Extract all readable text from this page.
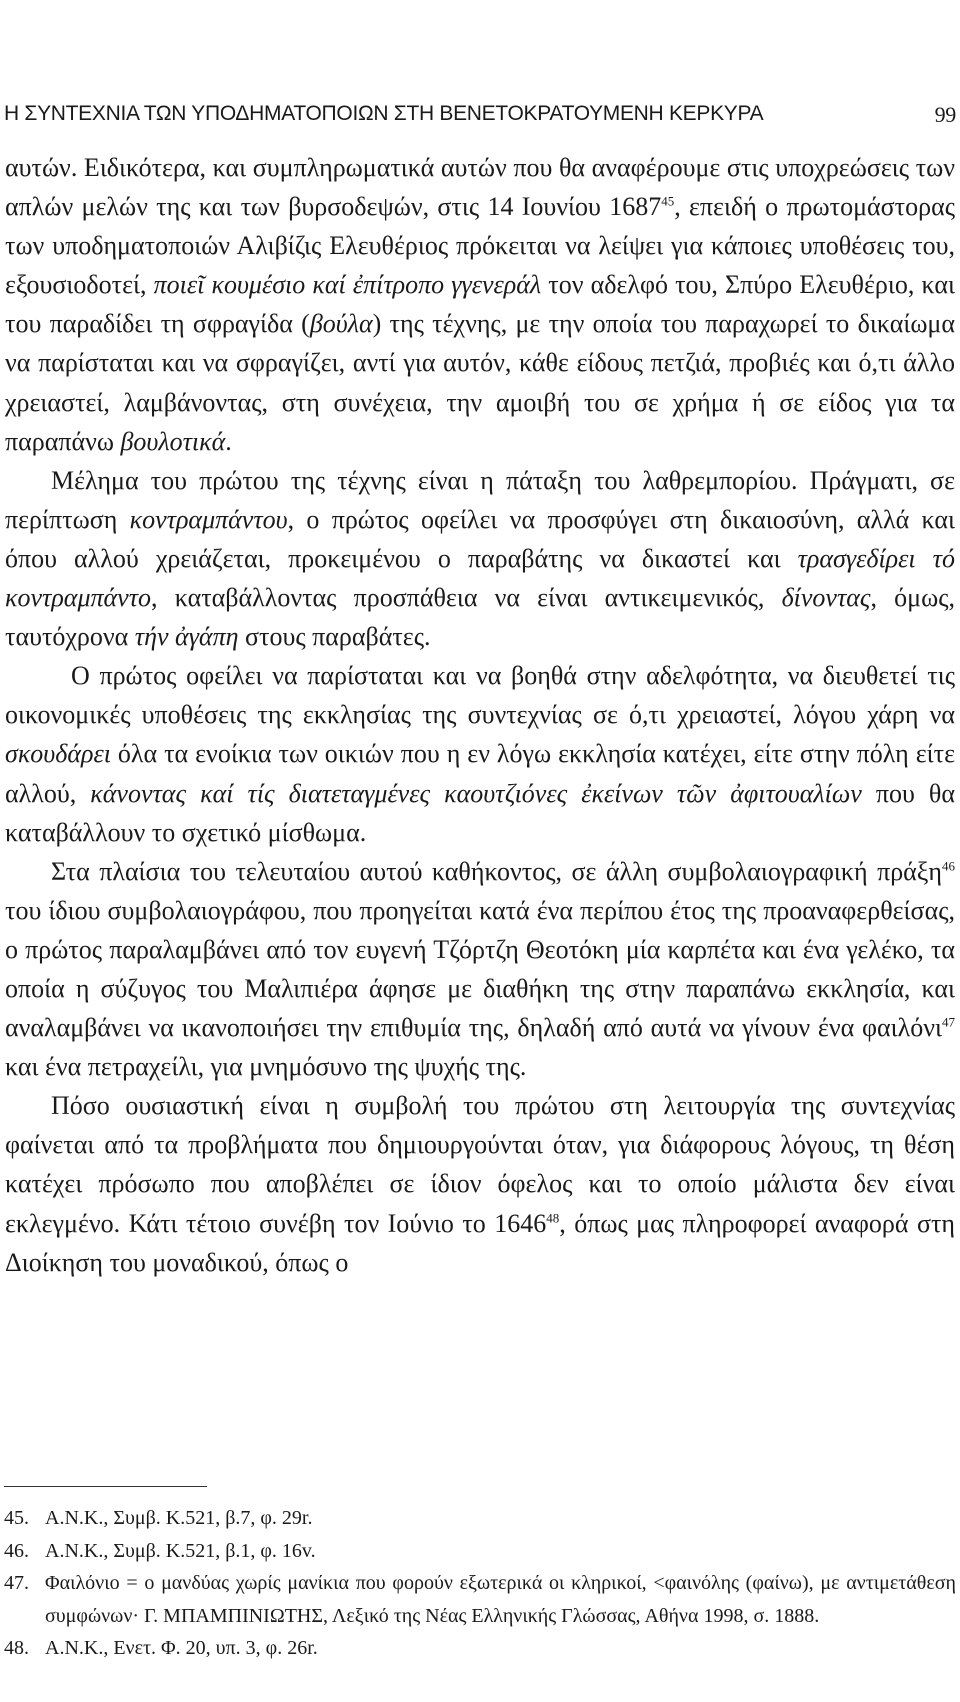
Η ΣΥΝΤΕΧΝΙΑ ΤΩΝ ΥΠΟΔΗΜΑΤΟΠΟΙΩΝ ΣΤΗ ΒΕΝΕΤΟΚΡΑΤΟΥΜΕΝΗ ΚΕΡΚΥΡΑ	99

αυτών. Ειδικότερα, και συμπληρωματικά αυτών που θα αναφέρουμε στις υποχρεώσεις των απλών μελών της και των βυρσοδεψών, στις 14 Ιουνίου 1687$^{45}$, επειδή ο πρωτομάστορας των υποδηματοποιών Αλιβίζις Ελευθέριος πρόκειται να λείψει για κάποιες υποθέσεις του, εξουσιοδοτεί, ποιεῖ κουμέσιο καί ἐπίτροπο γγενεράλ τον αδελφό του, Σπύρο Ελευθέριο, και του παραδίδει τη σφραγίδα (βούλα) της τέχνης, με την οποία του παραχωρεί το δικαίωμα να παρίσταται και να σφραγίζει, αντί για αυτόν, κάθε είδους πετζιά, προβιές και ό,τι άλλο χρειαστεί, λαμβάνοντας, στη συνέχεια, την αμοιβή του σε χρήμα ή σε είδος για τα παραπάνω βουλοτικά.

Μέλημα του πρώτου της τέχνης είναι η πάταξη του λαθρεμπορίου. Πράγματι, σε περίπτωση κοντραμπάντου, ο πρώτος οφείλει να προσφύγει στη δικαιοσύνη, αλλά και όπου αλλού χρειάζεται, προκειμένου ο παραβάτης να δικαστεί και τρασγεδίρει τό κοντραμπάντο, καταβάλλοντας προσπάθεια να είναι αντικειμενικός, δίνοντας, όμως, ταυτόχρονα τήν ἀγάπη στους παραβάτες.

Ο πρώτος οφείλει να παρίσταται και να βοηθά στην αδελφότητα, να διευθετεί τις οικονομικές υποθέσεις της εκκλησίας της συντεχνίας σε ό,τι χρειαστεί, λόγου χάρη να σκουδάρει όλα τα ενοίκια των οικιών που η εν λόγω εκκλησία κατέχει, είτε στην πόλη είτε αλλού, κάνοντας καί τίς διατεταγμένες καουτζιόνες ἐκείνων τῶν ἀφιτουαλίων που θα καταβάλλουν το σχετικό μίσθωμα.

Στα πλαίσια του τελευταίου αυτού καθήκοντος, σε άλλη συμβολαιογραφική πράξη$^{46}$ του ίδιου συμβολαιογράφου, που προηγείται κατά ένα περίπου έτος της προαναφερθείσας, ο πρώτος παραλαμβάνει από τον ευγενή Τζόρτζη Θεοτόκη μία καρπέτα και ένα γελέκο, τα οποία η σύζυγος του Μαλιπιέρα άφησε με διαθήκη της στην παραπάνω εκκλησία, και αναλαμβάνει να ικανοποιήσει την επιθυμία της, δηλαδή από αυτά να γίνουν ένα φαιλόνι$^{47}$ και ένα πετραχείλι, για μνημόσυνο της ψυχής της.

Πόσο ουσιαστική είναι η συμβολή του πρώτου στη λειτουργία της συντεχνίας φαίνεται από τα προβλήματα που δημιουργούνται όταν, για διάφορους λόγους, τη θέση κατέχει πρόσωπο που αποβλέπει σε ίδιον όφελος και το οποίο μάλιστα δεν είναι εκλεγμένο. Κάτι τέτοιο συνέβη τον Ιούνιο το 1646$^{48}$, όπως μας πληροφορεί αναφορά στη Διοίκηση του μοναδικού, όπως ο

45. Α.Ν.Κ., Συμβ. Κ.521, β.7, φ. 29r.
46. Α.Ν.Κ., Συμβ. Κ.521, β.1, φ. 16v.
47. Φαιλόνιο = ο μανδύας χωρίς μανίκια που φορούν εξωτερικά οι κληρικοί, <φαινόλης (φαίνω), με αντιμετάθεση συμφώνων· Γ. ΜΠΑΜΠΙΝΙΩΤΗΣ, Λεξικό της Νέας Ελληνικής Γλώσσας, Αθήνα 1998, σ. 1888.
48. Α.Ν.Κ., Ενετ. Φ. 20, υπ. 3, φ. 26r.
